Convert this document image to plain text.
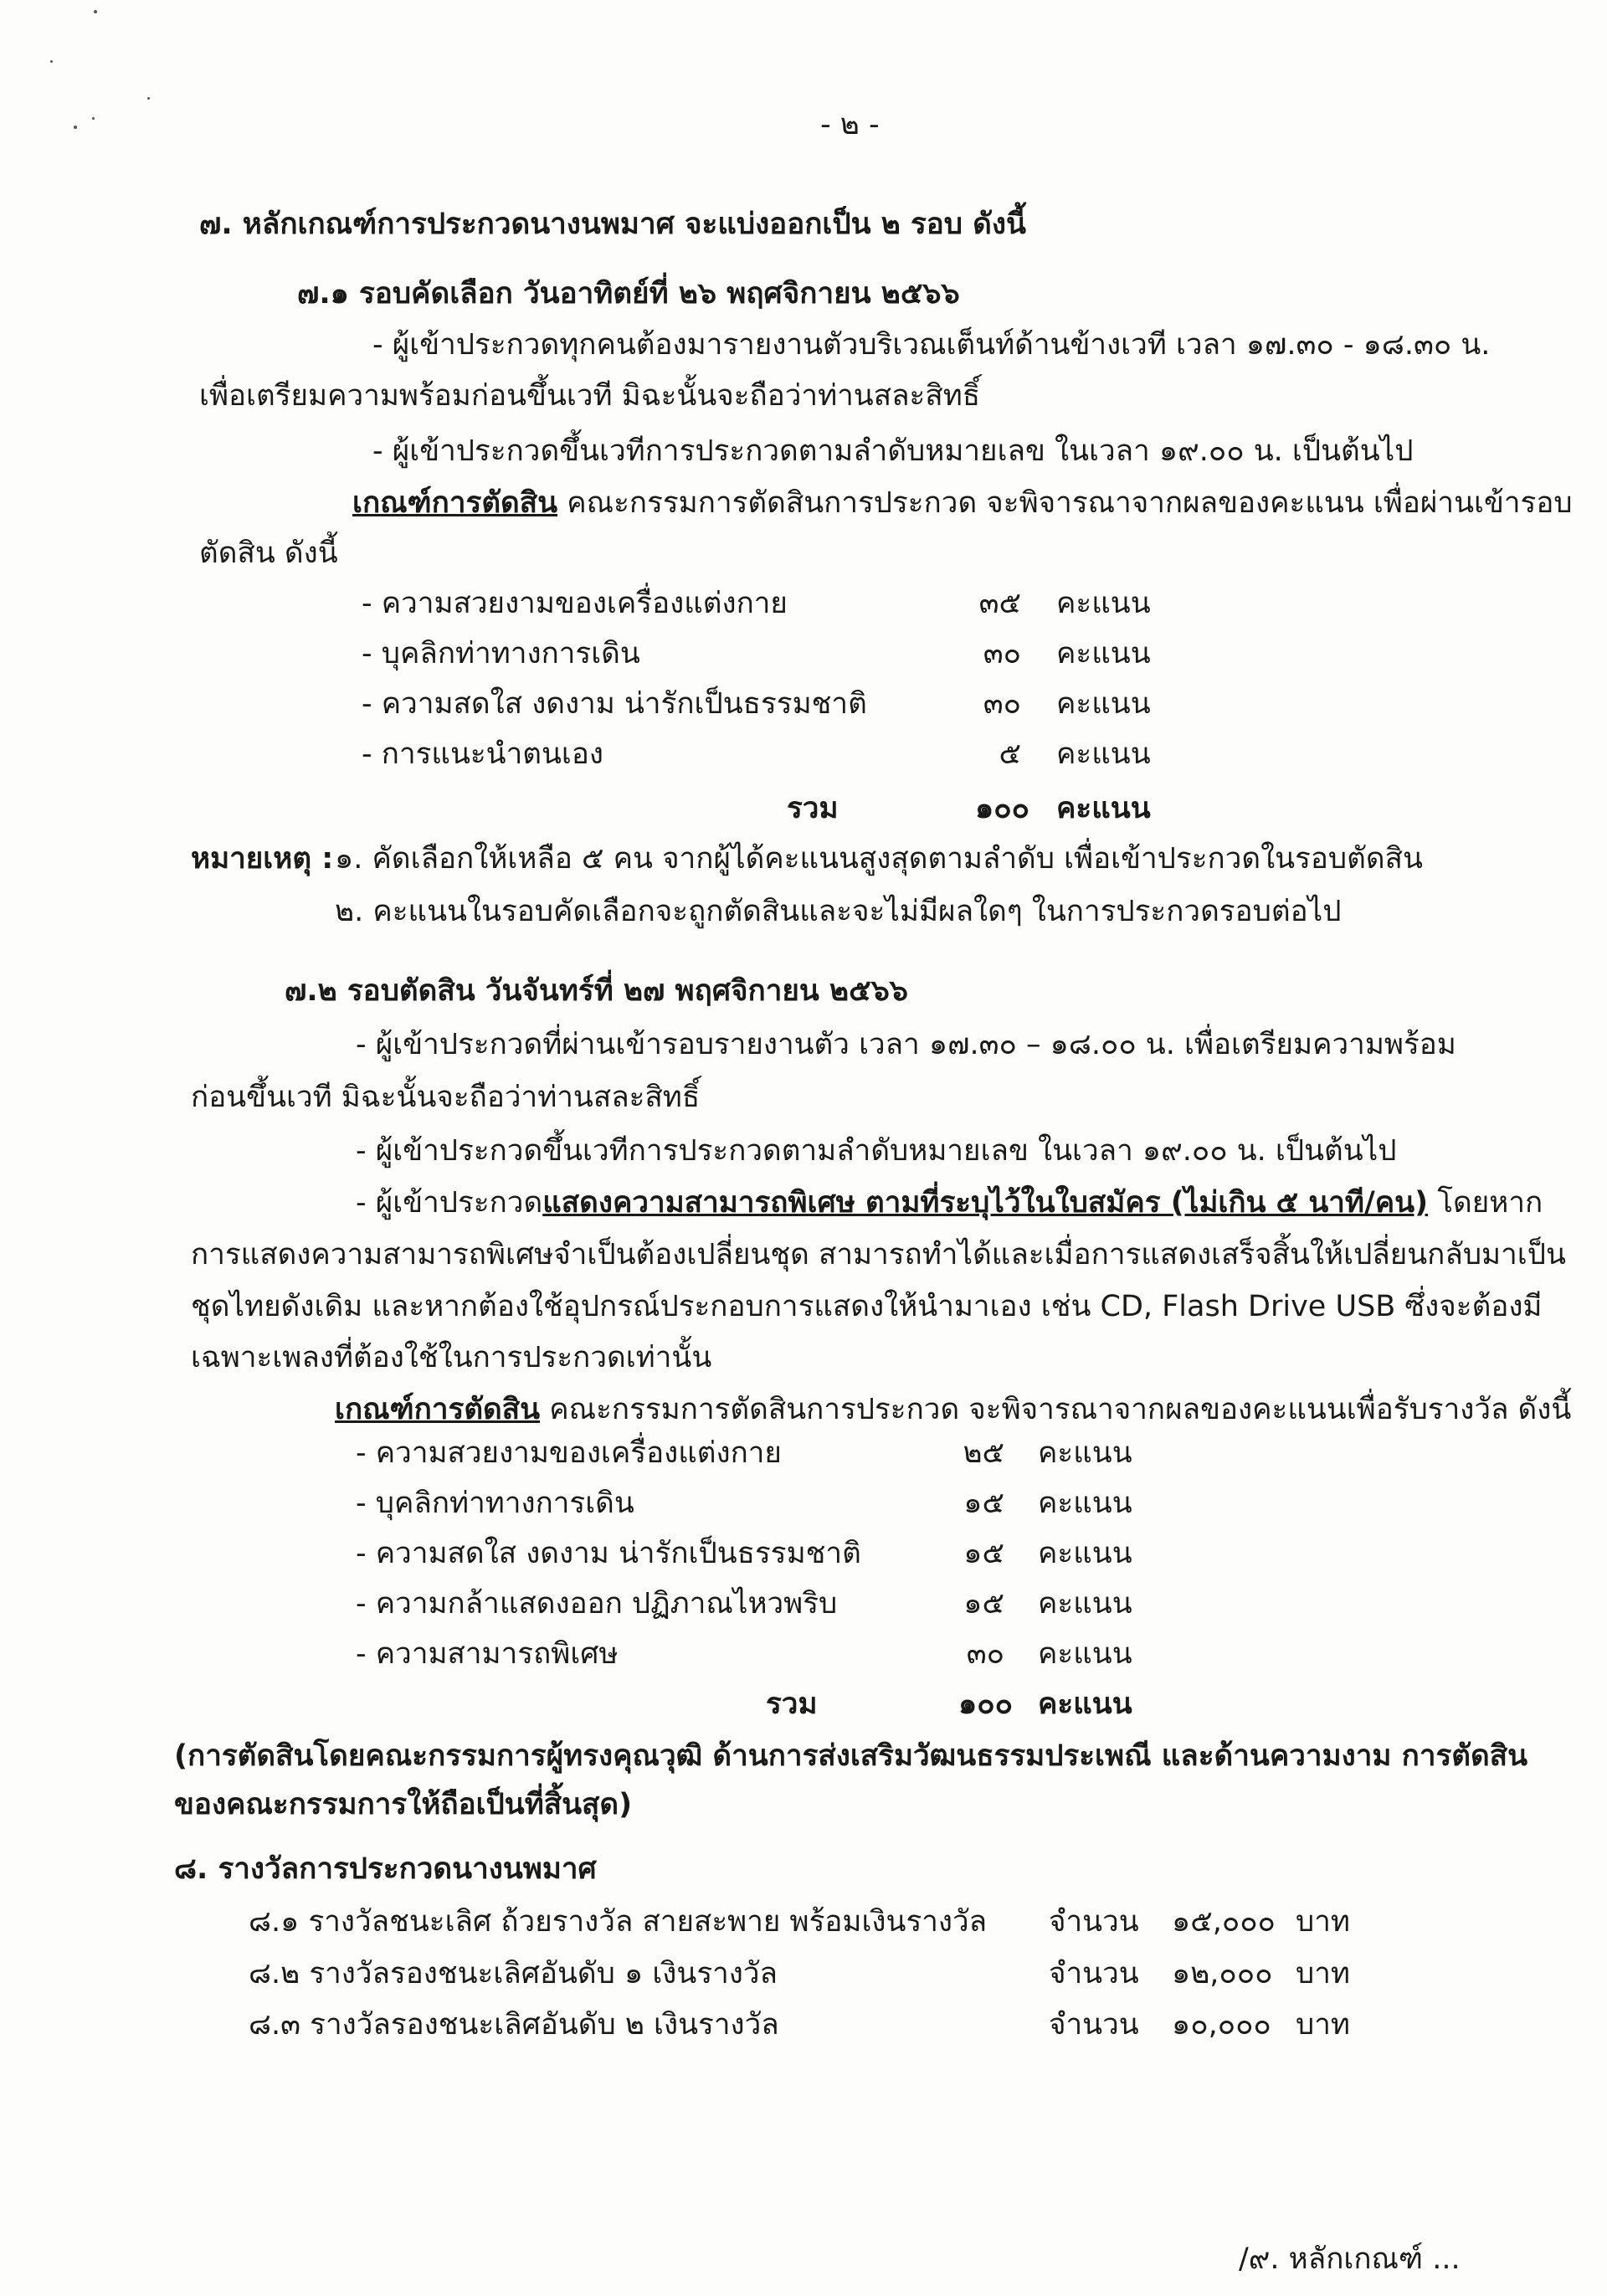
- ๒ -
๗. หลักเกณฑ์การประกวดนางนพมาศ จะแบ่งออกเป็น ๒ รอบ ดังนี้
๗.๑ รอบคัดเลือก วันอาทิตย์ที่ ๒๖ พฤศจิกายน ๒๕๖๖
- ผู้เข้าประกวดทุกคนต้องมารายงานตัวบริเวณเต็นท์ด้านข้างเวที เวลา ๑๗.๓๐ - ๑๘.๓๐ น.
เพื่อเตรียมความพร้อมก่อนขึ้นเวที มิฉะนั้นจะถือว่าท่านสละสิทธิ์
- ผู้เข้าประกวดขึ้นเวทีการประกวดตามลำดับหมายเลข ในเวลา ๑๙.๐๐ น. เป็นต้นไป
เกณฑ์การตัดสิน คณะกรรมการตัดสินการประกวด จะพิจารณาจากผลของคะแนน เพื่อผ่านเข้ารอบ
ตัดสิน ดังนี้
- ความสวยงามของเครื่องแต่งกาย	๓๕ คะแนน
- บุคลิกท่าทางการเดิน	๓๐ คะแนน
- ความสดใส งดงาม น่ารักเป็นธรรมชาติ	๓๐ คะแนน
- การแนะนำตนเอง	๕ คะแนน
รวม	๑๐๐ คะแนน
หมายเหตุ : ๑. คัดเลือกให้เหลือ ๕ คน จากผู้ได้คะแนนสูงสุดตามลำดับ เพื่อเข้าประกวดในรอบตัดสิน
๒. คะแนนในรอบคัดเลือกจะถูกตัดสินและจะไม่มีผลใดๆ ในการประกวดรอบต่อไป
๗.๒ รอบตัดสิน วันจันทร์ที่ ๒๗ พฤศจิกายน ๒๕๖๖
- ผู้เข้าประกวดที่ผ่านเข้ารอบรายงานตัว เวลา ๑๗.๓๐ – ๑๘.๐๐ น. เพื่อเตรียมความพร้อม
ก่อนขึ้นเวที มิฉะนั้นจะถือว่าท่านสละสิทธิ์
- ผู้เข้าประกวดขึ้นเวทีการประกวดตามลำดับหมายเลข ในเวลา ๑๙.๐๐ น. เป็นต้นไป
- ผู้เข้าประกวดแสดงความสามารถพิเศษ ตามที่ระบุไว้ในใบสมัคร (ไม่เกิน ๕ นาที/คน) โดยหาก
การแสดงความสามารถพิเศษจำเป็นต้องเปลี่ยนชุด สามารถทำได้และเมื่อการแสดงเสร็จสิ้นให้เปลี่ยนกลับมาเป็น
ชุดไทยดังเดิม และหากต้องใช้อุปกรณ์ประกอบการแสดงให้นำมาเอง เช่น CD, Flash Drive USB ซึ่งจะต้องมี
เฉพาะเพลงที่ต้องใช้ในการประกวดเท่านั้น
เกณฑ์การตัดสิน คณะกรรมการตัดสินการประกวด จะพิจารณาจากผลของคะแนนเพื่อรับรางวัล ดังนี้
- ความสวยงามของเครื่องแต่งกาย	๒๕ คะแนน
- บุคลิกท่าทางการเดิน	๑๕ คะแนน
- ความสดใส งดงาม น่ารักเป็นธรรมชาติ	๑๕ คะแนน
- ความกล้าแสดงออก ปฏิภาณไหวพริบ	๑๕ คะแนน
- ความสามารถพิเศษ	๓๐ คะแนน
รวม	๑๐๐ คะแนน
(การตัดสินโดยคณะกรรมการผู้ทรงคุณวุฒิ ด้านการส่งเสริมวัฒนธรรมประเพณี และด้านความงาม การตัดสิน
ของคณะกรรมการให้ถือเป็นที่สิ้นสุด)
๘. รางวัลการประกวดนางนพมาศ
๘.๑ รางวัลชนะเลิศ ถ้วยรางวัล สายสะพาย พร้อมเงินรางวัล จำนวน ๑๕,๐๐๐ บาท
๘.๒ รางวัลรองชนะเลิศอันดับ ๑ เงินรางวัล	จำนวน ๑๒,๐๐๐ บาท
๘.๓ รางวัลรองชนะเลิศอันดับ ๒ เงินรางวัล	จำนวน ๑๐,๐๐๐ บาท
/๙. หลักเกณฑ์ ...
